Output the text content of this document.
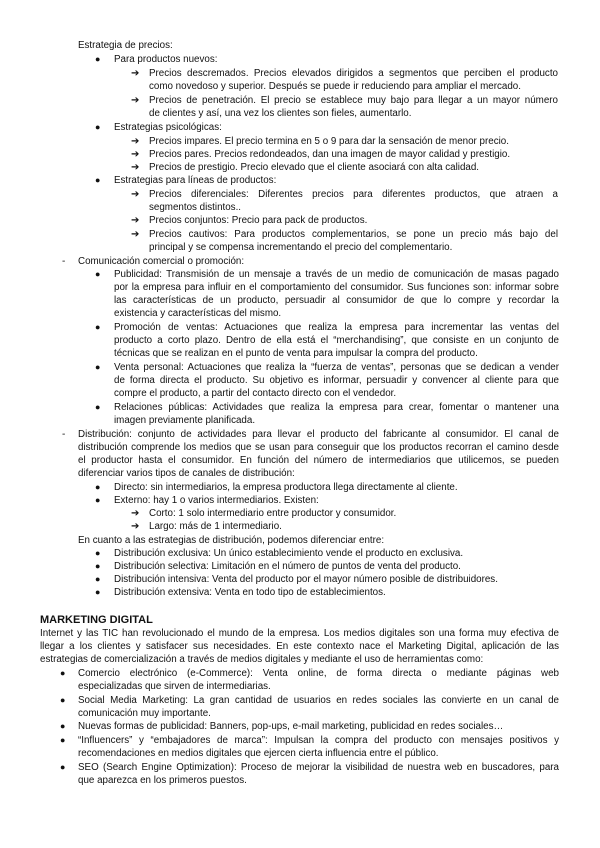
Estrategia de precios:
● Para productos nuevos:
➔ Precios descremados. Precios elevados dirigidos a segmentos que perciben el producto
como novedoso y superior. Después se puede ir reduciendo para ampliar el mercado.
➔ Precios de penetración. El precio se establece muy bajo para llegar a un mayor número
de clientes y así, una vez los clientes son fieles, aumentarlo.
● Estrategias psicológicas:
➔ Precios impares. El precio termina en 5 o 9 para dar la sensación de menor precio.
➔ Precios pares. Precios redondeados, dan una imagen de mayor calidad y prestigio.
➔ Precios de prestigio. Precio elevado que el cliente asociará con alta calidad.
● Estrategias para líneas de productos:
➔ Precios diferenciales: Diferentes precios para diferentes productos, que atraen a
segmentos distintos..
➔ Precios conjuntos: Precio para pack de productos.
➔ Precios cautivos: Para productos complementarios, se pone un precio más bajo del
principal y se compensa incrementando el precio del complementario.
- Comunicación comercial o promoción:
● Publicidad: Transmisión de un mensaje a través de un medio de comunicación de masas pagado
por la empresa para influir en el comportamiento del consumidor. Sus funciones son: informar sobre
las características de un producto, persuadir al consumidor de que lo compre y recordar la
existencia y características del mismo.
● Promoción de ventas: Actuaciones que realiza la empresa para incrementar las ventas del
producto a corto plazo. Dentro de ella está el “merchandising”, que consiste en un conjunto de
técnicas que se realizan en el punto de venta para impulsar la compra del producto.
● Venta personal: Actuaciones que realiza la “fuerza de ventas”, personas que se dedican a vender
de forma directa el producto. Su objetivo es informar, persuadir y convencer al cliente para que
compre el producto, a partir del contacto directo con el vendedor.
● Relaciones públicas: Actividades que realiza la empresa para crear, fomentar o mantener una
imagen previamente planificada.
- Distribución: conjunto de actividades para llevar el producto del fabricante al consumidor. El canal de
distribución comprende los medios que se usan para conseguir que los productos recorran el camino desde
el productor hasta el consumidor. En función del número de intermediarios que utilicemos, se pueden
diferenciar varios tipos de canales de distribución:
● Directo: sin intermediarios, la empresa productora llega directamente al cliente.
● Externo: hay 1 o varios intermediarios. Existen:
➔ Corto: 1 solo intermediario entre productor y consumidor.
➔ Largo: más de 1 intermediario.
En cuanto a las estrategias de distribución, podemos diferenciar entre:
● Distribución exclusiva: Un único establecimiento vende el producto en exclusiva.
● Distribución selectiva: Limitación en el número de puntos de venta del producto.
● Distribución intensiva: Venta del producto por el mayor número posible de distribuidores.
● Distribución extensiva: Venta en todo tipo de establecimientos.
MARKETING DIGITAL
Internet y las TIC han revolucionado el mundo de la empresa. Los medios digitales son una forma muy efectiva de
llegar a los clientes y satisfacer sus necesidades. En este contexto nace el Marketing Digital, aplicación de las
estrategias de comercialización a través de medios digitales y mediante el uso de herramientas como:
● Comercio electrónico (e-Commerce): Venta online, de forma directa o mediante páginas web
especializadas que sirven de intermediarias.
● Social Media Marketing: La gran cantidad de usuarios en redes sociales las convierte en un canal de
comunicación muy importante.
● Nuevas formas de publicidad: Banners, pop-ups, e-mail marketing, publicidad en redes sociales…
● “Influencers” y “embajadores de marca”: Impulsan la compra del producto con mensajes positivos y
recomendaciones en medios digitales que ejercen cierta influencia entre el público.
● SEO (Search Engine Optimization): Proceso de mejorar la visibilidad de nuestra web en buscadores, para
que aparezca en los primeros puestos.
